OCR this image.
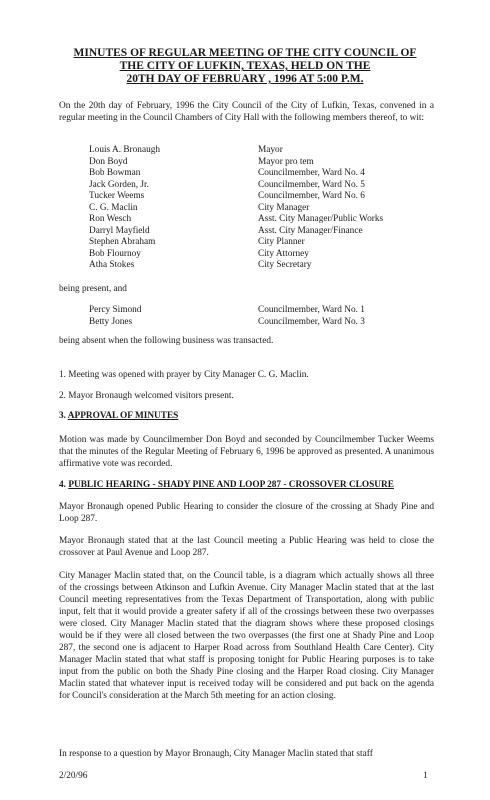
MINUTES OF REGULAR MEETING OF THE CITY COUNCIL OF
THE CITY OF LUFKIN, TEXAS, HELD ON THE
20TH DAY OF FEBRUARY , 1996 AT 5:00 P.M.
On the 20th day of February, 1996 the City Council of the City of Lufkin, Texas, convened in a regular meeting in the Council Chambers of City Hall with the following members thereof, to wit:
Louis A. Bronaugh	Mayor
Don Boyd	Mayor pro tem
Bob Bowman	Councilmember, Ward No. 4
Jack Gorden, Jr.	Councilmember, Ward No. 5
Tucker Weems	Councilmember, Ward No. 6
C. G. Maclin	City Manager
Ron Wesch	Asst. City Manager/Public Works
Darryl Mayfield	Asst. City Manager/Finance
Stephen Abraham	City Planner
Bob Flournoy	City Attorney
Atha Stokes	City Secretary
being present, and
Percy Simond	Councilmember, Ward No. 1
Betty Jones	Councilmember, Ward No. 3
being absent when the following business was transacted.
1. Meeting was opened with prayer by City Manager C. G. Maclin.
2. Mayor Bronaugh welcomed visitors present.
3. APPROVAL OF MINUTES
Motion was made by Councilmember Don Boyd and seconded by Councilmember Tucker Weems that the minutes of the Regular Meeting of February 6, 1996 be approved as presented. A unanimous affirmative vote was recorded.
4. PUBLIC HEARING - SHADY PINE AND LOOP 287 - CROSSOVER CLOSURE
Mayor Bronaugh opened Public Hearing to consider the closure of the crossing at Shady Pine and Loop 287.
Mayor Bronaugh stated that at the last Council meeting a Public Hearing was held to close the crossover at Paul Avenue and Loop 287.
City Manager Maclin stated that, on the Council table, is a diagram which actually shows all three of the crossings between Atkinson and Lufkin Avenue. City Manager Maclin stated that at the last Council meeting representatives from the Texas Department of Transportation, along with public input, felt that it would provide a greater safety if all of the crossings between these two overpasses were closed. City Manager Maclin stated that the diagram shows where these proposed closings would be if they were all closed between the two overpasses (the first one at Shady Pine and Loop 287, the second one is adjacent to Harper Road across from Southland Health Care Center). City Manager Maclin stated that what staff is proposing tonight for Public Hearing purposes is to take input from the public on both the Shady Pine closing and the Harper Road closing. City Manager Maclin stated that whatever input is received today will be considered and put back on the agenda for Council's consideration at the March 5th meeting for an action closing.
In response to a question by Mayor Bronaugh, City Manager Maclin stated that staff
2/20/96	1
